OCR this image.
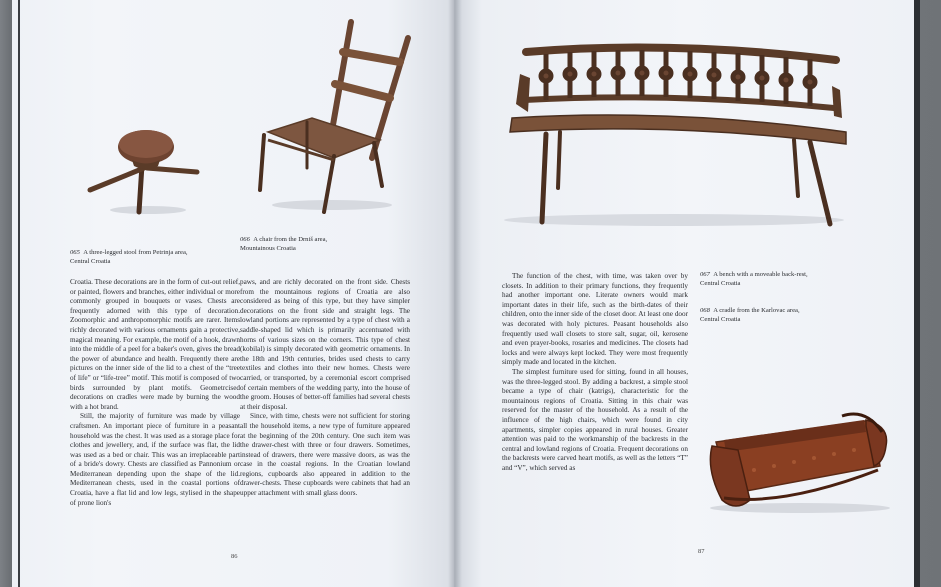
065 A three-legged stool from Petrinja area,
Central Croatia
066 A chair from the Drniš area,
Mountainous Croatia

Croatia. These decorations are in the form of cut-out relief, or painted, flowers and branches, either individual or more commonly grouped in bouquets or vases. Chests are frequently adorned with this type of decoration. Zoomorphic and anthropomorphic motifs are rarer. Items richly decorated with various ornaments gain a protective, magical meaning. For example, the motif of a hook, drawn into the middle of a peel for a baker's oven, gives the bread the power of abundance and health. Frequently there are pictures on the inner side of the lid to a chest of the “tree of life” or “life-tree” motif. This motif is composed of two birds surrounded by plant motifs. Geometrcised decorations on cradles were made by burning the wood with a hot brand.

Still, the majority of furniture was made by village craftsmen. An important piece of furniture in a peasant household was the chest. It was used as a storage place for clothes and jewellery, and, if the surface was flat, the lid was used as a bed or chair. This was an irreplaceable part of a bride's dowry. Chests are classified as Pannonium or Mediterranean depending upon the shape of the lid. Mediterranean chests, used in the coastal portions of Croatia, have a flat lid and low legs, stylised in the shape of prone lion's

paws, and are richly decorated on the front side. Chests from the mountainous regions of Croatia are also considered as being of this type, but they have simpler decorations on the front side and straight legs. The lowland portions are represented by a type of chest with a saddle-shaped lid which is primarily accentuated with horns of various sizes on the corners. This type of chest (kobilal) is simply decorated with geometric ornaments. In the 18th and 19th centuries, brides used chests to carry textiles and clothes into their new homes. Chests were carried, or transported, by a ceremonial escort comprised of certain members of the wedding party, into the house of the groom. Houses of better-off families had several chests at their disposal.

Since, with time, chests were not sufficient for storing all the household items, a new type of furniture appeared at the beginning of the 20th century. One such item was the drawer-chest with three or four drawers. Sometimes, instead of drawers, there were massive doors, as was the case in the coastal regions. In the Croatian lowland regions, cupboards also appeared in addition to the drawer-chests. These cupboards were cabinets that had an upper attachment with small glass doors.

86

The function of the chest, with time, was taken over by closets. In addition to their primary functions, they frequently had another important one. Literate owners would mark important dates in their life, such as the birth-dates of their children, onto the inner side of the closet door. At least one door was decorated with holy pictures. Peasant households also frequently used wall closets to store salt, sugar, oil, kerosene and even prayer-books, rosaries and medicines. The closets had locks and were always kept locked. They were most frequently simply made and located in the kitchen.

The simplest furniture used for sitting, found in all houses, was the three-legged stool. By adding a backrest, a simple stool became a type of chair (katrigs), characteristic for the mountainous regions of Croatia. Sitting in this chair was reserved for the master of the household. As a result of the influence of the high chairs, which were found in city apartments, simpler copies appeared in rural houses. Greater attention was paid to the workmanship of the backrests in the central and lowland regions of Croatia. Frequent decorations on the backrests were carved heart motifs, as well as the letters “T” and “V”, which served as

067 A bench with a moveable back-rest,
Central Croatia
068 A cradle from the Karlovac area,
Central Croatia
87
